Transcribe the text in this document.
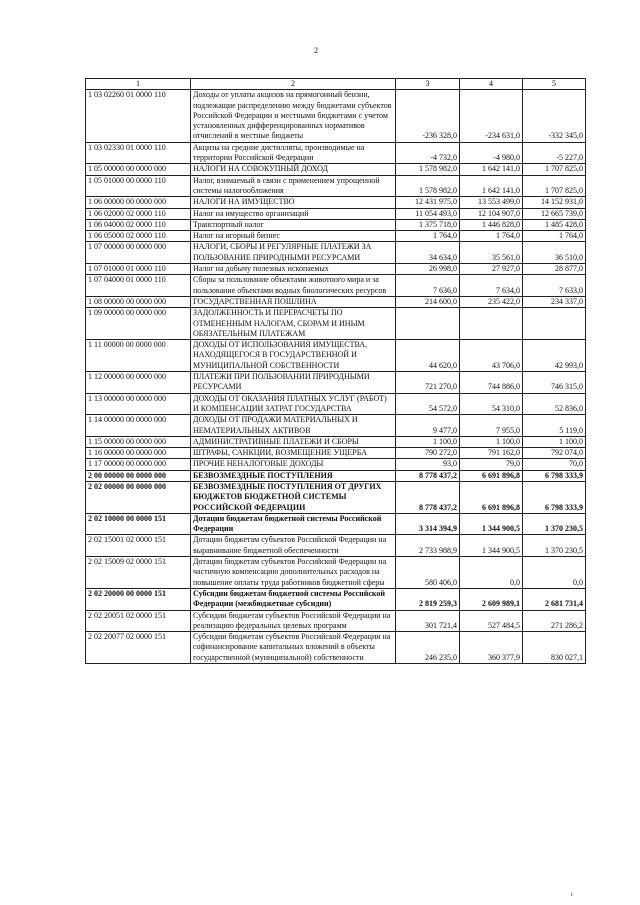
2
1	2	3	4	5
1 03 02260 01 0000 110	Доходы от уплаты акцизов на прямогонный бензин, подлежащие распределению между бюджетами субъектов Российской Федерации и местными бюджетами с учетом установленных дифференцированных нормативов отчислений в местные бюджеты	-236 328,0	-234 631,0	-332 345,0
1 03 02330 01 0000 110	Акцизы на средние дистилляты, производимые на территории Российской Федерации	-4 732,0	-4 980,0	-5 227,0
1 05 00000 00 0000 000	НАЛОГИ НА СОВОКУПНЫЙ ДОХОД	1 578 982,0	1 642 141,0	1 707 825,0
1 05 01000 00 0000 110	Налог, взимаемый в связи с применением упрощенной системы налогообложения	1 578 982,0	1 642 141,0	1 707 825,0
1 06 00000 00 0000 000	НАЛОГИ НА ИМУЩЕСТВО	12 431 975,0	13 553 499,0	14 152 931,0
1 06 02000 02 0000 110	Налог на имущество организаций	11 054 493,0	12 104 907,0	12 665 739,0
1 06 04000 02 0000 110	Транспортный налог	1 375 718,0	1 446 828,0	1 485 428,0
1 06 05000 02 0000 110	Налог на игорный бизнес	1 764,0	1 764,0	1 764,0
1 07 00000 00 0000 000	НАЛОГИ, СБОРЫ И РЕГУЛЯРНЫЕ ПЛАТЕЖИ ЗА ПОЛЬЗОВАНИЕ ПРИРОДНЫМИ РЕСУРСАМИ	34 634,0	35 561,0	36 510,0
1 07 01000 01 0000 110	Налог на добычу полезных ископаемых	26 998,0	27 927,0	28 877,0
1 07 04000 01 0000 110	Сборы за пользование объектами животного мира и за пользование объектами водных биологических ресурсов	7 636,0	7 634,0	7 633,0
1 08 00000 00 0000 000	ГОСУДАРСТВЕННАЯ ПОШЛИНА	214 600,0	235 422,0	234 337,0
1 09 00000 00 0000 000	ЗАДОЛЖЕННОСТЬ И ПЕРЕРАСЧЕТЫ ПО ОТМЕНЕННЫМ НАЛОГАМ, СБОРАМ И ИНЫМ ОБЯЗАТЕЛЬНЫМ ПЛАТЕЖАМ			
1 11 00000 00 0000 000	ДОХОДЫ ОТ ИСПОЛЬЗОВАНИЯ ИМУЩЕСТВА, НАХОДЯЩЕГОСЯ В ГОСУДАРСТВЕННОЙ И МУНИЦИПАЛЬНОЙ СОБСТВЕННОСТИ	44 620,0	43 706,0	42 993,0
1 12 00000 00 0000 000	ПЛАТЕЖИ ПРИ ПОЛЬЗОВАНИИ ПРИРОДНЫМИ РЕСУРСАМИ	721 270,0	744 886,0	746 315,0
1 13 00000 00 0000 000	ДОХОДЫ ОТ ОКАЗАНИЯ ПЛАТНЫХ УСЛУГ (РАБОТ) И КОМПЕНСАЦИИ ЗАТРАТ ГОСУДАРСТВА	54 572,0	54 310,0	52 836,0
1 14 00000 00 0000 000	ДОХОДЫ ОТ ПРОДАЖИ МАТЕРИАЛЬНЫХ И НЕМАТЕРИАЛЬНЫХ АКТИВОВ	9 477,0	7 955,0	5 119,0
1 15 00000 00 0000 000	АДМИНИСТРАТИВНЫЕ ПЛАТЕЖИ И СБОРЫ	1 100,0	1 100,0	1 100,0
1 16 00000 00 0000 000	ШТРАФЫ, САНКЦИИ, ВОЗМЕЩЕНИЕ УЩЕРБА	790 272,0	791 162,0	792 074,0
1 17 00000 00 0000 000	ПРОЧИЕ НЕНАЛОГОВЫЕ ДОХОДЫ	93,0	79,0	70,0
2 00 00000 00 0000 000	БЕЗВОЗМЕЗДНЫЕ ПОСТУПЛЕНИЯ	8 778 437,2	6 691 896,8	6 798 333,9
2 02 00000 00 0000 000	БЕЗВОЗМЕЗДНЫЕ ПОСТУПЛЕНИЯ ОТ ДРУГИХ БЮДЖЕТОВ БЮДЖЕТНОЙ СИСТЕМЫ РОССИЙСКОЙ ФЕДЕРАЦИИ	8 778 437,2	6 691 896,8	6 798 333,9
2 02 10000 00 0000 151	Дотации бюджетам бюджетной системы Российской Федерации	3 314 394,9	1 344 900,5	1 370 230,5
2 02 15001 02 0000 151	Дотации бюджетам субъектов Российской Федерации на выравнивание бюджетной обеспеченности	2 733 988,9	1 344 900,5	1 370 230,5
2 02 15009 02 0000 151	Дотации бюджетам субъектов Российской Федерации на частичную компенсацию дополнительных расходов на повышение оплаты труда работников бюджетной сферы	580 406,0	0,0	0,0
2 02 20000 00 0000 151	Субсидии бюджетам бюджетной системы Российской Федерации (межбюджетные субсидии)	2 819 259,3	2 609 989,1	2 681 731,4
2 02 20051 02 0000 151	Субсидии бюджетам субъектов Российской Федерации на реализацию федеральных целевых программ	301 721,4	527 484,5	271 286,2
2 02 20077 02 0000 151	Субсидии бюджетам субъектов Российской Федерации на софинансирование капитальных вложений в объекты государственной (муниципальной) собственности	246 235,0	360 377,9	830 027,1
i
